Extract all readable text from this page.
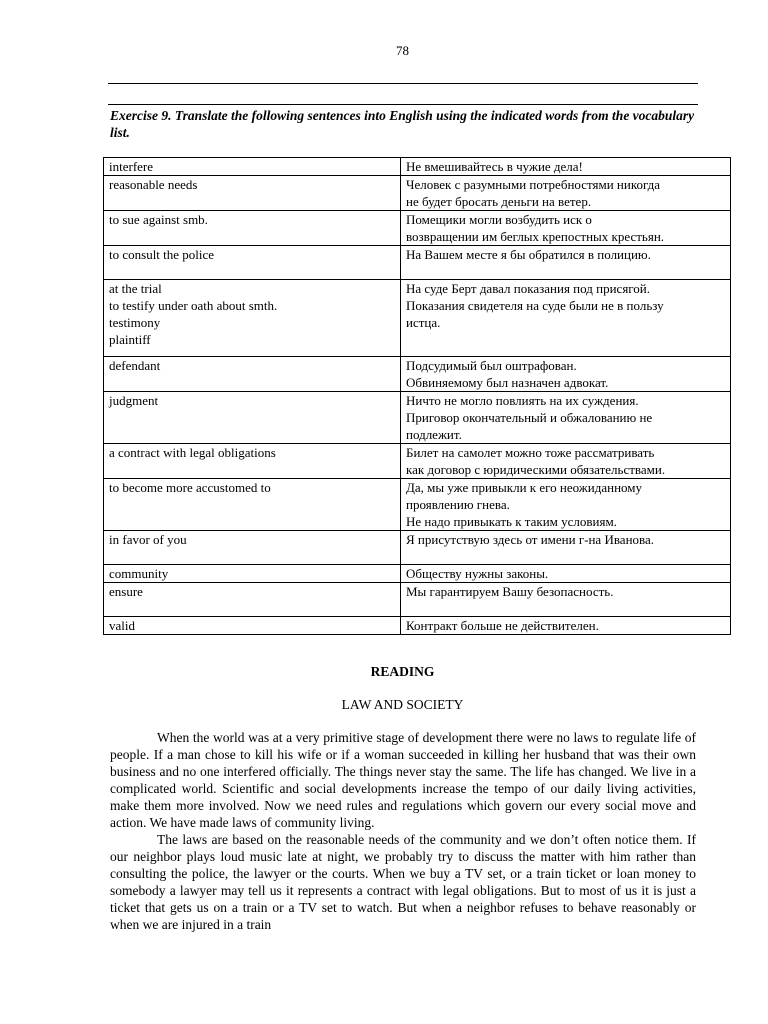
78
Exercise 9. Translate the following sentences into English using the indicated words from the vocabulary list.
interfere	Не вмешивайтесь в чужие дела!

reasonable needs	Человек с разумными потребностями никогда
не будет бросать деньги на ветер.

to sue against smb.	Помещики могли возбудить иск о
возвращении им беглых крепостных крестьян.

to consult the police	На Вашем месте я бы обратился в полицию.

at the trial
to testify under oath about smth.
testimony
plaintiff	На суде Берт давал показания под присягой.
Показания свидетеля на суде были не в пользу
истца.

defendant	Подсудимый был оштрафован.
Обвиняемому был назначен адвокат.

judgment	Ничто не могло повлиять на их суждения.
Приговор окончательный и обжалованию не
подлежит.

a contract with legal obligations	Билет на самолет можно тоже рассматривать
как договор с юридическими обязательствами.

to become more accustomed to	Да, мы уже привыкли к его неожиданному
проявлению гнева.
Не надо привыкать к таким условиям.

in favor of you	Я присутствую здесь от имени г-на Иванова.

community	Обществу нужны законы.

ensure	Мы гарантируем Вашу безопасность.

valid	Контракт больше не действителен.
READING
LAW AND SOCIETY

When the world was at a very primitive stage of development there were no laws to regulate life of people. If a man chose to kill his wife or if a woman succeeded in killing her husband that was their own business and no one interfered officially. The things never stay the same. The life has changed. We live in a complicated world. Scientific and social developments increase the tempo of our daily living activities, make them more involved. Now we need rules and regulations which govern our every social move and action. We have made laws of community living.

The laws are based on the reasonable needs of the community and we don’t often notice them. If our neighbor plays loud music late at night, we probably try to discuss the matter with him rather than consulting the police, the lawyer or the courts. When we buy a TV set, or a train ticket or loan money to somebody a lawyer may tell us it represents a contract with legal obligations. But to most of us it is just a ticket that gets us on a train or a TV set to watch. But when a neighbor refuses to behave reasonably or when we are injured in a train
